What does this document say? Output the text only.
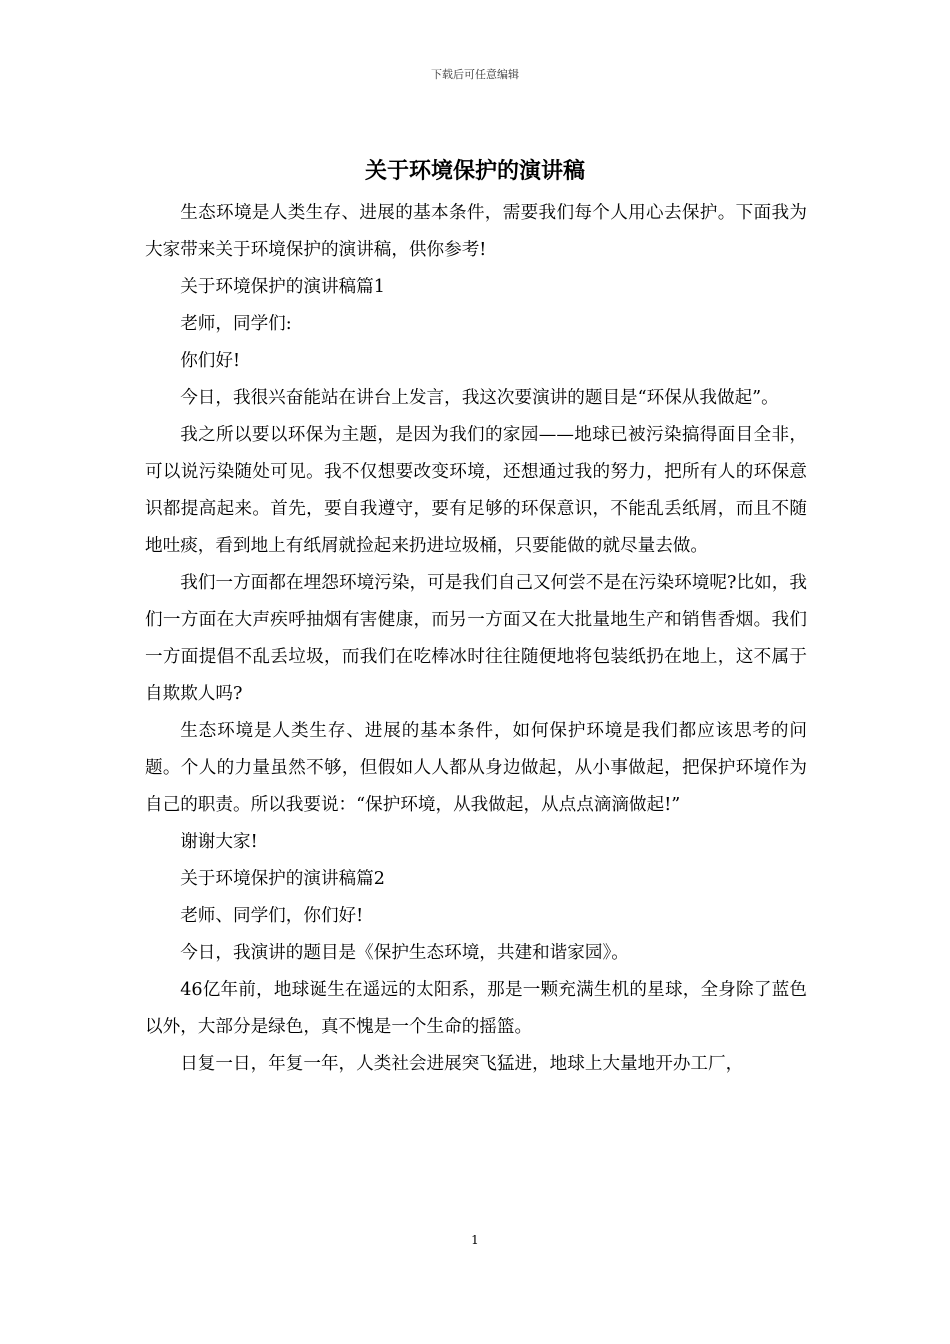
下载后可任意编辑
关于环境保护的演讲稿

生态环境是人类生存、进展的基本条件，需要我们每个人用心去保护。下面我为大家带来关于环境保护的演讲稿，供你参考!

关于环境保护的演讲稿篇1

老师，同学们:

你们好!

今日，我很兴奋能站在讲台上发言，我这次要演讲的题目是“环保从我做起”。

我之所以要以环保为主题，是因为我们的家园——地球已被污染搞得面目全非，可以说污染随处可见。我不仅想要改变环境，还想通过我的努力，把所有人的环保意识都提高起来。首先，要自我遵守，要有足够的环保意识，不能乱丢纸屑，而且不随地吐痰，看到地上有纸屑就捡起来扔进垃圾桶，只要能做的就尽量去做。

我们一方面都在埋怨环境污染，可是我们自己又何尝不是在污染环境呢?比如，我们一方面在大声疾呼抽烟有害健康，而另一方面又在大批量地生产和销售香烟。我们一方面提倡不乱丢垃圾，而我们在吃棒冰时往往随便地将包装纸扔在地上，这不属于自欺欺人吗?

生态环境是人类生存、进展的基本条件，如何保护环境是我们都应该思考的问题。个人的力量虽然不够，但假如人人都从身边做起，从小事做起，把保护环境作为自己的职责。所以我要说：“保护环境，从我做起，从点点滴滴做起!”

谢谢大家!

关于环境保护的演讲稿篇2

老师、同学们，你们好!

今日，我演讲的题目是《保护生态环境，共建和谐家园》。

46亿年前，地球诞生在遥远的太阳系，那是一颗充满生机的星球，全身除了蓝色以外，大部分是绿色，真不愧是一个生命的摇篮。

日复一日，年复一年，人类社会进展突飞猛进，地球上大量地开办工厂，

1
